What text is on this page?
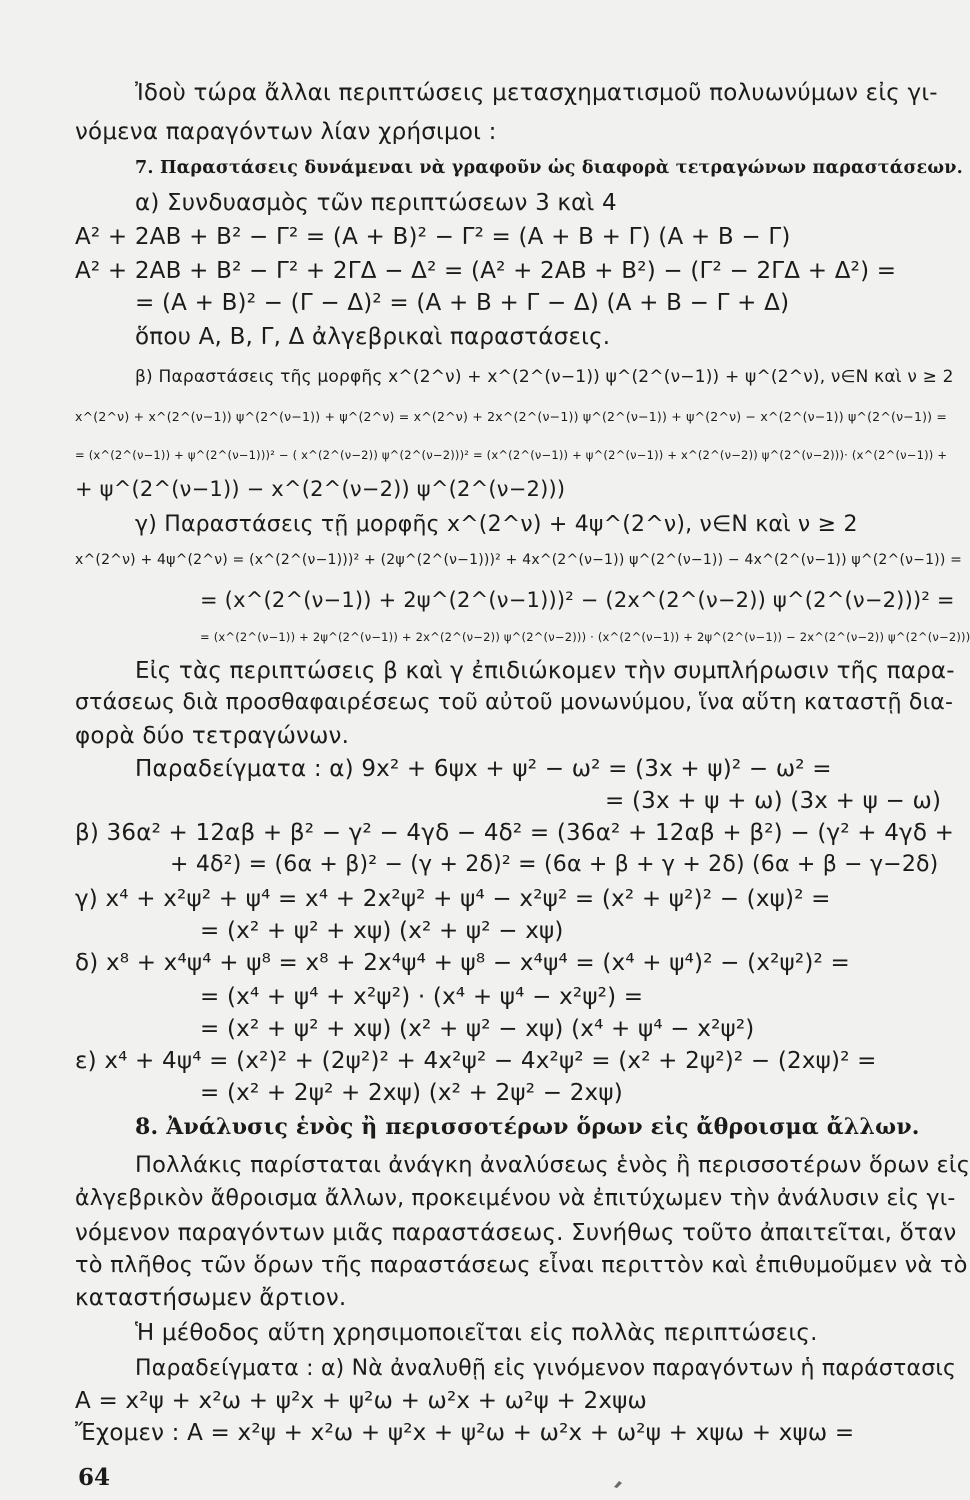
Ἰδοὺ τώρα ἄλλαι περιπτώσεις μετασχηματισμοῦ πολυωνύμων εἰς γι-
νόμενα παραγόντων λίαν χρήσιμοι :
7. Παραστάσεις δυνάμεναι νὰ γραφοῦν ὡς διαφορὰ τετραγώνων παραστάσεων.
α) Συνδυασμὸς τῶν περιπτώσεων 3 καὶ 4
Α² + 2ΑΒ + Β² − Γ² = (Α + Β)² − Γ² = (Α + Β + Γ) (Α + Β − Γ)
Α² + 2ΑΒ + Β² − Γ² + 2ΓΔ − Δ² = (Α² + 2ΑΒ + Β²) − (Γ² − 2ΓΔ + Δ²) =
= (Α + Β)² − (Γ − Δ)² = (Α + Β + Γ − Δ) (Α + Β − Γ + Δ)
ὅπου Α, Β, Γ, Δ ἀλγεβρικαὶ παραστάσεις.
β) Παραστάσεις τῆς μορφῆς x^(2^ν) + x^(2^(ν−1)) ψ^(2^(ν−1)) + ψ^(2^ν), ν∈N καὶ ν ≥ 2
x^(2^ν) + x^(2^(ν−1)) ψ^(2^(ν−1)) + ψ^(2^ν) = x^(2^ν) + 2x^(2^(ν−1)) ψ^(2^(ν−1)) + ψ^(2^ν) − x^(2^(ν−1)) ψ^(2^(ν−1)) =
= (x^(2^(ν−1)) + ψ^(2^(ν−1)))² − ( x^(2^(ν−2)) ψ^(2^(ν−2)))² = (x^(2^(ν−1)) + ψ^(2^(ν−1)) + x^(2^(ν−2)) ψ^(2^(ν−2)))· (x^(2^(ν−1)) +
+ ψ^(2^(ν−1)) − x^(2^(ν−2)) ψ^(2^(ν−2)))
γ) Παραστάσεις τῇ μορφῆς x^(2^ν) + 4ψ^(2^ν), ν∈N καὶ ν ≥ 2
x^(2^ν) + 4ψ^(2^ν) = (x^(2^(ν−1)))² + (2ψ^(2^(ν−1)))² + 4x^(2^(ν−1)) ψ^(2^(ν−1)) − 4x^(2^(ν−1)) ψ^(2^(ν−1)) =
= (x^(2^(ν−1)) + 2ψ^(2^(ν−1)))² − (2x^(2^(ν−2)) ψ^(2^(ν−2)))² =
= (x^(2^(ν−1)) + 2ψ^(2^(ν−1)) + 2x^(2^(ν−2)) ψ^(2^(ν−2))) · (x^(2^(ν−1)) + 2ψ^(2^(ν−1)) − 2x^(2^(ν−2)) ψ^(2^(ν−2)))
Εἰς τὰς περιπτώσεις β καὶ γ ἐπιδιώκομεν τὴν συμπλήρωσιν τῆς παρα-
στάσεως διὰ προσθαφαιρέσεως τοῦ αὐτοῦ μονωνύμου, ἵνα αὕτη καταστῇ δια-
φορὰ δύο τετραγώνων.
Παραδείγματα : α) 9x² + 6ψx + ψ² − ω² = (3x + ψ)² − ω² =
= (3x + ψ + ω) (3x + ψ − ω)
β) 36α² + 12αβ + β² − γ² − 4γδ − 4δ² = (36α² + 12αβ + β²) − (γ² + 4γδ +
+ 4δ²) = (6α + β)² − (γ + 2δ)² = (6α + β + γ + 2δ) (6α + β − γ−2δ)
γ) x⁴ + x²ψ² + ψ⁴ = x⁴ + 2x²ψ² + ψ⁴ − x²ψ² = (x² + ψ²)² − (xψ)² =
= (x² + ψ² + xψ) (x² + ψ² − xψ)
δ) x⁸ + x⁴ψ⁴ + ψ⁸ = x⁸ + 2x⁴ψ⁴ + ψ⁸ − x⁴ψ⁴ = (x⁴ + ψ⁴)² − (x²ψ²)² =
= (x⁴ + ψ⁴ + x²ψ²) · (x⁴ + ψ⁴ − x²ψ²) =
= (x² + ψ² + xψ) (x² + ψ² − xψ) (x⁴ + ψ⁴ − x²ψ²)
ε) x⁴ + 4ψ⁴ = (x²)² + (2ψ²)² + 4x²ψ² − 4x²ψ² = (x² + 2ψ²)² − (2xψ)² =
= (x² + 2ψ² + 2xψ) (x² + 2ψ² − 2xψ)
8. Ἀνάλυσις ἑνὸς ἢ περισσοτέρων ὅρων εἰς ἄθροισμα ἄλλων.
Πολλάκις παρίσταται ἀνάγκη ἀναλύσεως ἑνὸς ἢ περισσοτέρων ὅρων εἰς
ἀλγεβρικὸν ἄθροισμα ἄλλων, προκειμένου νὰ ἐπιτύχωμεν τὴν ἀνάλυσιν εἰς γι-
νόμενον παραγόντων μιᾶς παραστάσεως. Συνήθως τοῦτο ἀπαιτεῖται, ὅταν
τὸ πλῆθος τῶν ὅρων τῆς παραστάσεως εἶναι περιττὸν καὶ ἐπιθυμοῦμεν νὰ τὸ
καταστήσωμεν ἄρτιον.
Ἡ μέθοδος αὕτη χρησιμοποιεῖται εἰς πολλὰς περιπτώσεις.
Παραδείγματα : α) Νὰ ἀναλυθῇ εἰς γινόμενον παραγόντων ἡ παράστασις
Α = x²ψ + x²ω + ψ²x + ψ²ω + ω²x + ω²ψ + 2xψω
Ἔχομεν : Α = x²ψ + x²ω + ψ²x + ψ²ω + ω²x + ω²ψ + xψω + xψω =
64
